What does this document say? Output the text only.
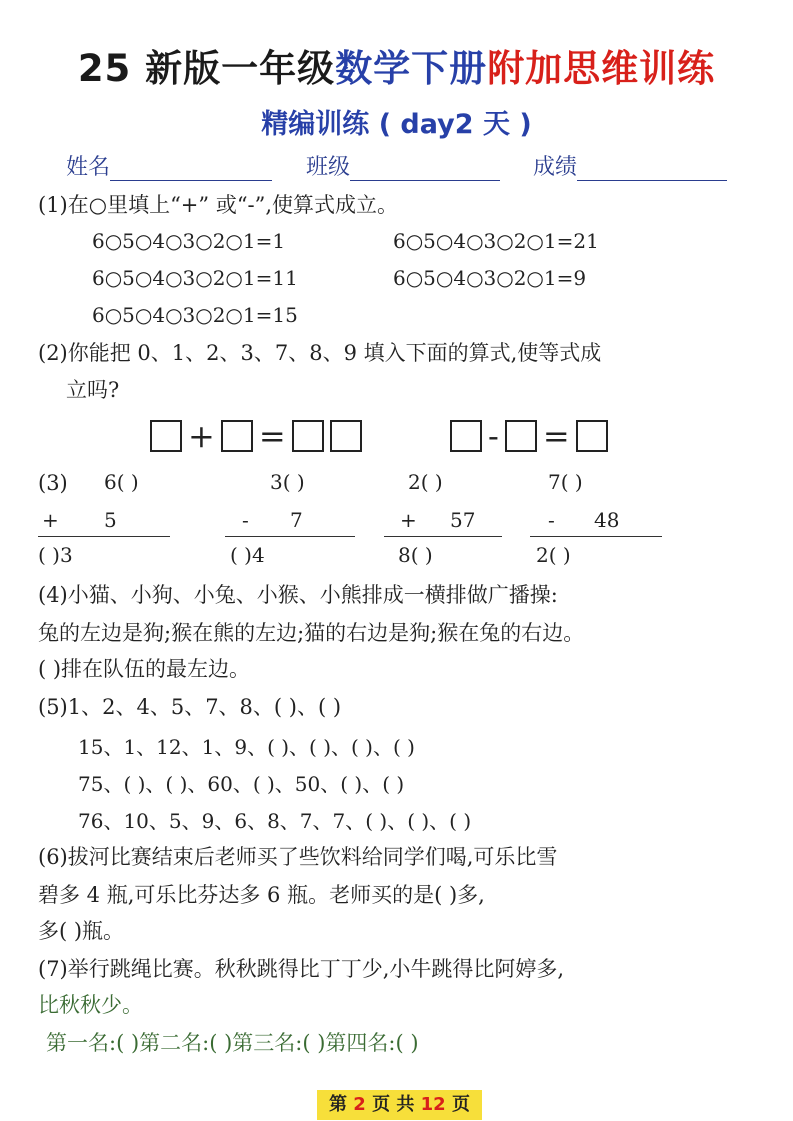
25 新版一年级数学下册附加思维训练
精编训练 ( day2 天 )
姓名	班级	成绩
(1)在○里填上“+” 或“-”,使算式成立。
6○5○4○3○2○1=1	6○5○4○3○2○1=21
6○5○4○3○2○1=11	6○5○4○3○2○1=9
6○5○4○3○2○1=15
(2)你能把 0、1、2、3、7、8、9 填入下面的算式,使等式成
立吗?
+ =	- =
(3) 6( )
+ 5
( )3
3( )
- 7
( )4
2( )
+ 57
8( )
7( )
- 48
2( )
(4)小猫、小狗、小兔、小猴、小熊排成一横排做广播操:
兔的左边是狗;猴在熊的左边;猫的右边是狗;猴在兔的右边。
( )排在队伍的最左边。
(5)1、2、4、5、7、8、( )、( )
15、1、12、1、9、( )、( )、( )、( )
75、( )、( )、60、( )、50、( )、( )
76、10、5、9、6、8、7、7、( )、( )、( )
(6)拔河比赛结束后老师买了些饮料给同学们喝,可乐比雪
碧多 4 瓶,可乐比芬达多 6 瓶。老师买的是( )多,
多( )瓶。
(7)举行跳绳比赛。秋秋跳得比丁丁少,小牛跳得比阿婷多,
比秋秋少。
第一名:( )第二名:( )第三名:( )第四名:( )
第 2 页 共 12 页
